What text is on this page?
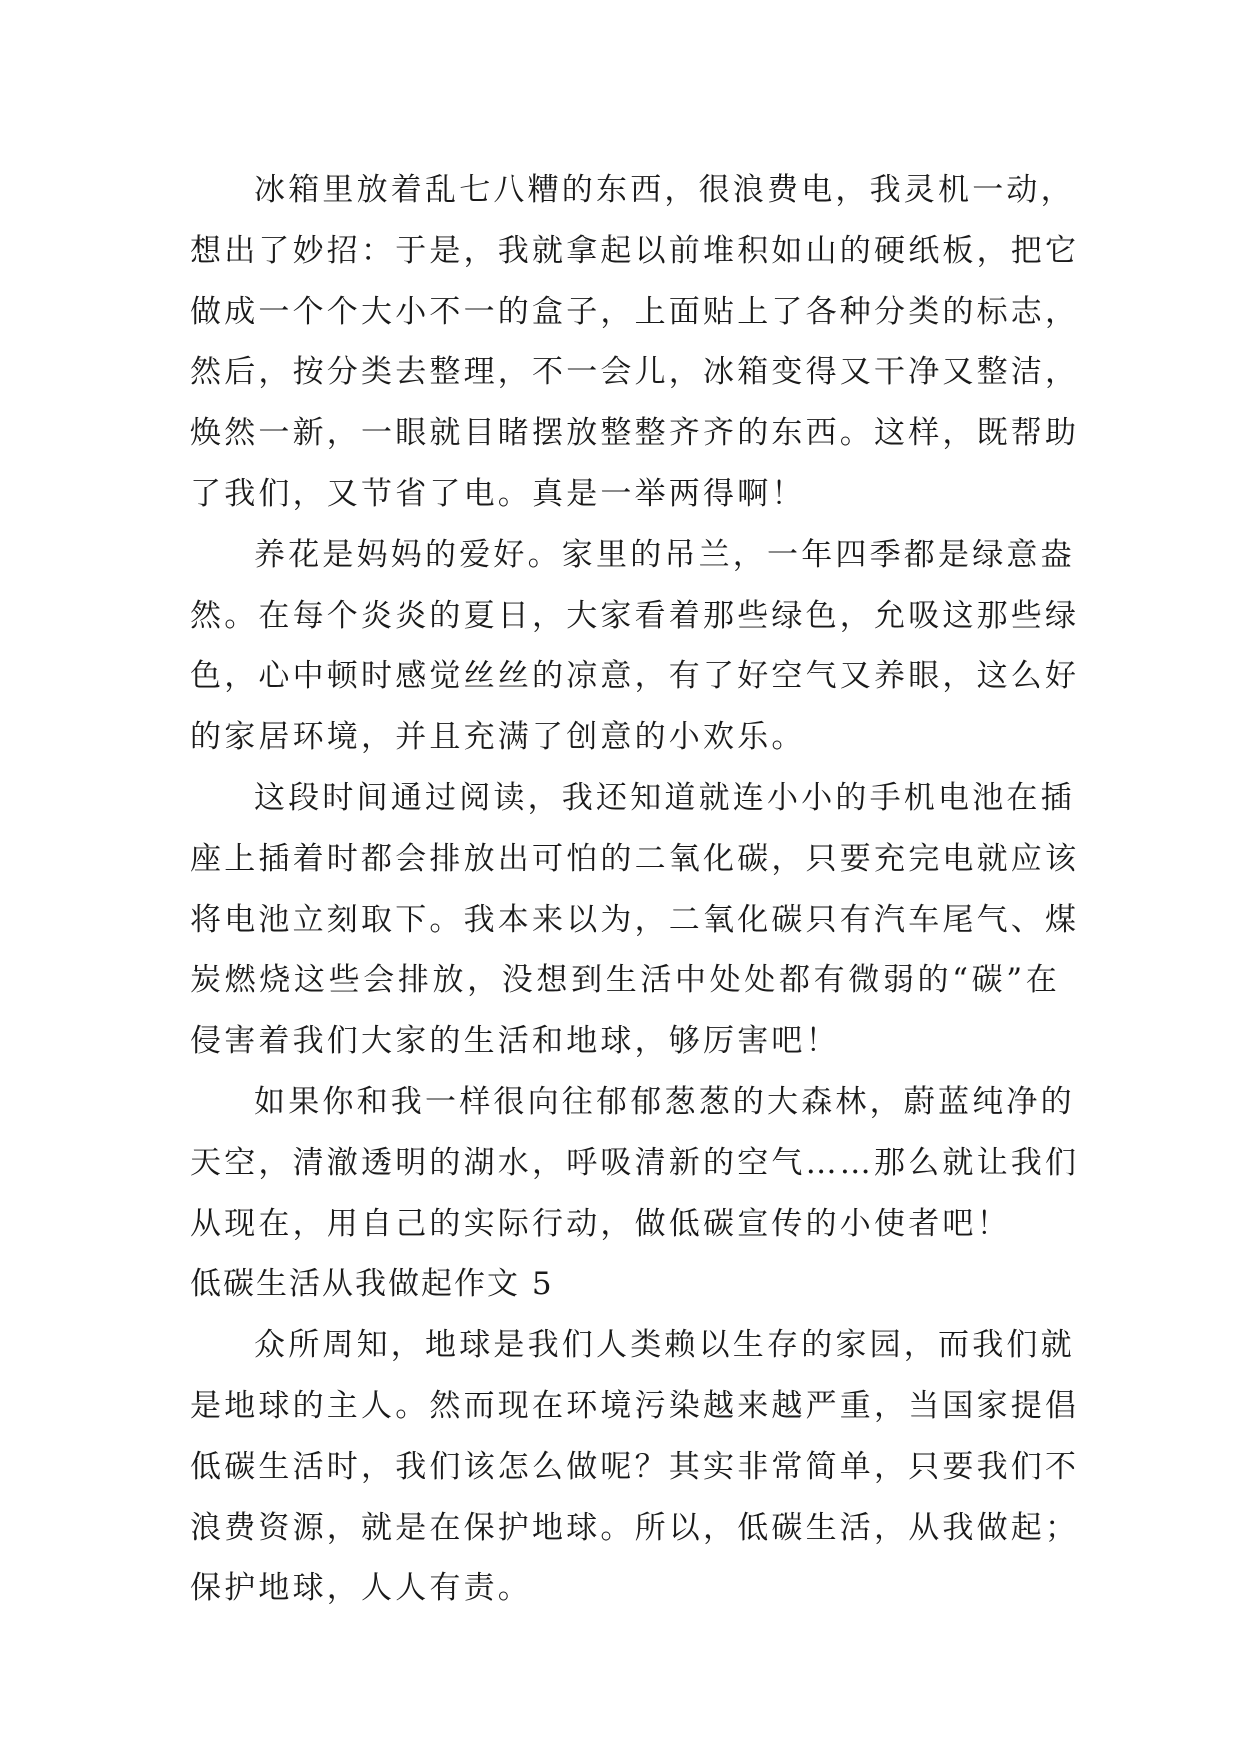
冰箱里放着乱七八糟的东西，很浪费电，我灵机一动，
想出了妙招：于是，我就拿起以前堆积如山的硬纸板，把它
做成一个个大小不一的盒子，上面贴上了各种分类的标志，
然后，按分类去整理，不一会儿，冰箱变得又干净又整洁，
焕然一新，一眼就目睹摆放整整齐齐的东西。这样，既帮助
了我们，又节省了电。真是一举两得啊！
养花是妈妈的爱好。家里的吊兰，一年四季都是绿意盎
然。在每个炎炎的夏日，大家看着那些绿色，允吸这那些绿
色，心中顿时感觉丝丝的凉意，有了好空气又养眼，这么好
的家居环境，并且充满了创意的小欢乐。
这段时间通过阅读，我还知道就连小小的手机电池在插
座上插着时都会排放出可怕的二氧化碳，只要充完电就应该
将电池立刻取下。我本来以为，二氧化碳只有汽车尾气、煤
炭燃烧这些会排放，没想到生活中处处都有微弱的“碳”在
侵害着我们大家的生活和地球，够厉害吧！
如果你和我一样很向往郁郁葱葱的大森林，蔚蓝纯净的
天空，清澈透明的湖水，呼吸清新的空气……那么就让我们
从现在，用自己的实际行动，做低碳宣传的小使者吧！
低碳生活从我做起作文 5
众所周知，地球是我们人类赖以生存的家园，而我们就
是地球的主人。然而现在环境污染越来越严重，当国家提倡
低碳生活时，我们该怎么做呢？其实非常简单，只要我们不
浪费资源，就是在保护地球。所以，低碳生活，从我做起；
保护地球，人人有责。
